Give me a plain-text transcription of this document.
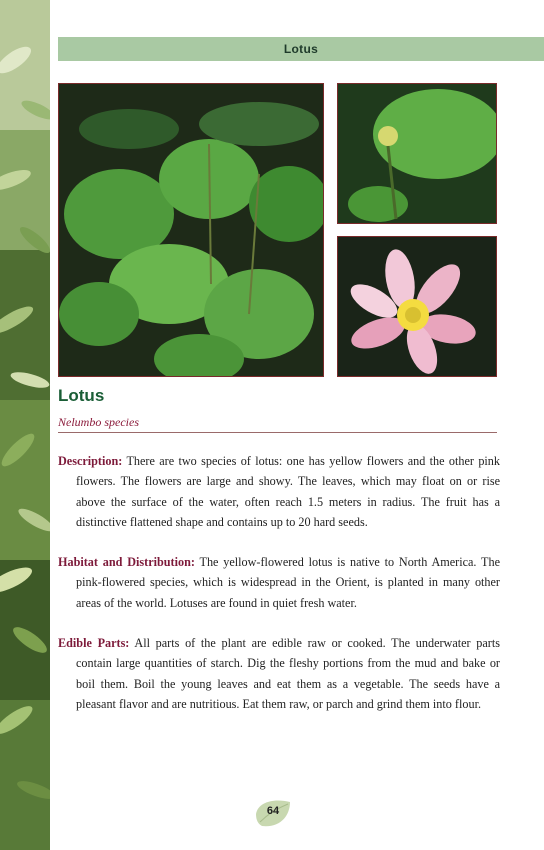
Lotus
Lotus
Nelumbo species

Description: There are two species of lotus: one has yellow flowers and the other pink flowers. The flowers are large and showy. The leaves, which may float on or rise above the surface of the water, often reach 1.5 meters in radius. The fruit has a distinctive flattened shape and contains up to 20 hard seeds.

Habitat and Distribution: The yellow-flowered lotus is native to North America. The pink-flowered species, which is widespread in the Orient, is planted in many other areas of the world. Lotuses are found in quiet fresh water.

Edible Parts: All parts of the plant are edible raw or cooked. The underwater parts contain large quantities of starch. Dig the fleshy portions from the mud and bake or boil them. Boil the young leaves and eat them as a vegetable. The seeds have a pleasant flavor and are nutritious. Eat them raw, or parch and grind them into flour.

64
